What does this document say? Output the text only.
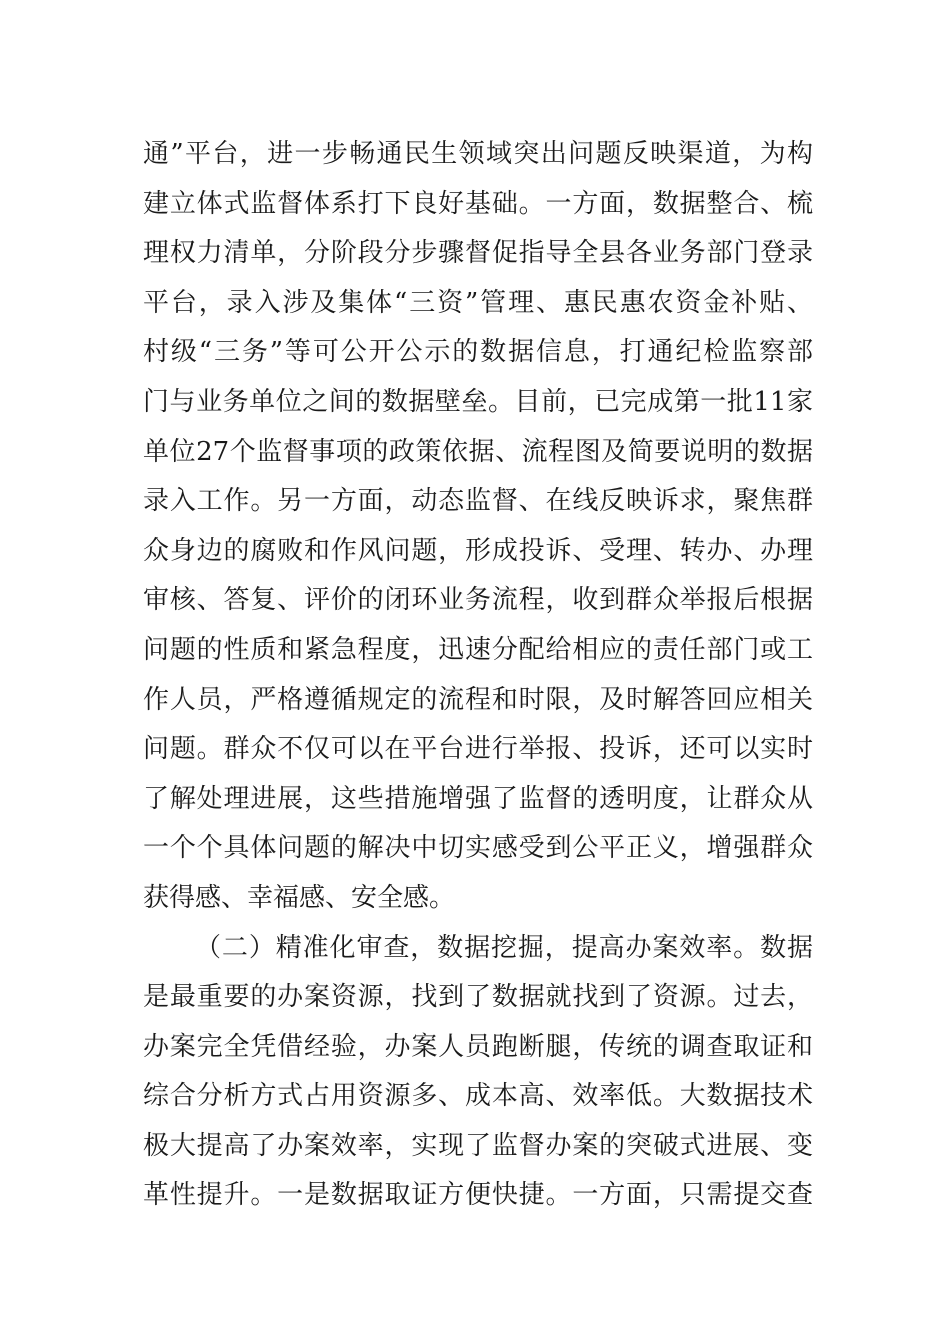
通”平台，进一步畅通民生领域突出问题反映渠道，为构
建立体式监督体系打下良好基础。一方面，数据整合、梳
理权力清单，分阶段分步骤督促指导全县各业务部门登录
平台，录入涉及集体“三资”管理、惠民惠农资金补贴、
村级“三务”等可公开公示的数据信息，打通纪检监察部
门与业务单位之间的数据壁垒。目前，已完成第一批11家
单位27个监督事项的政策依据、流程图及简要说明的数据
录入工作。另一方面，动态监督、在线反映诉求，聚焦群
众身边的腐败和作风问题，形成投诉、受理、转办、办理
审核、答复、评价的闭环业务流程，收到群众举报后根据
问题的性质和紧急程度，迅速分配给相应的责任部门或工
作人员，严格遵循规定的流程和时限，及时解答回应相关
问题。群众不仅可以在平台进行举报、投诉，还可以实时
了解处理进展，这些措施增强了监督的透明度，让群众从
一个个具体问题的解决中切实感受到公平正义，增强群众
获得感、幸福感、安全感。
（二）精准化审查，数据挖掘，提高办案效率。数据
是最重要的办案资源，找到了数据就找到了资源。过去，
办案完全凭借经验，办案人员跑断腿，传统的调查取证和
综合分析方式占用资源多、成本高、效率低。大数据技术
极大提高了办案效率，实现了监督办案的突破式进展、变
革性提升。一是数据取证方便快捷。一方面，只需提交查
